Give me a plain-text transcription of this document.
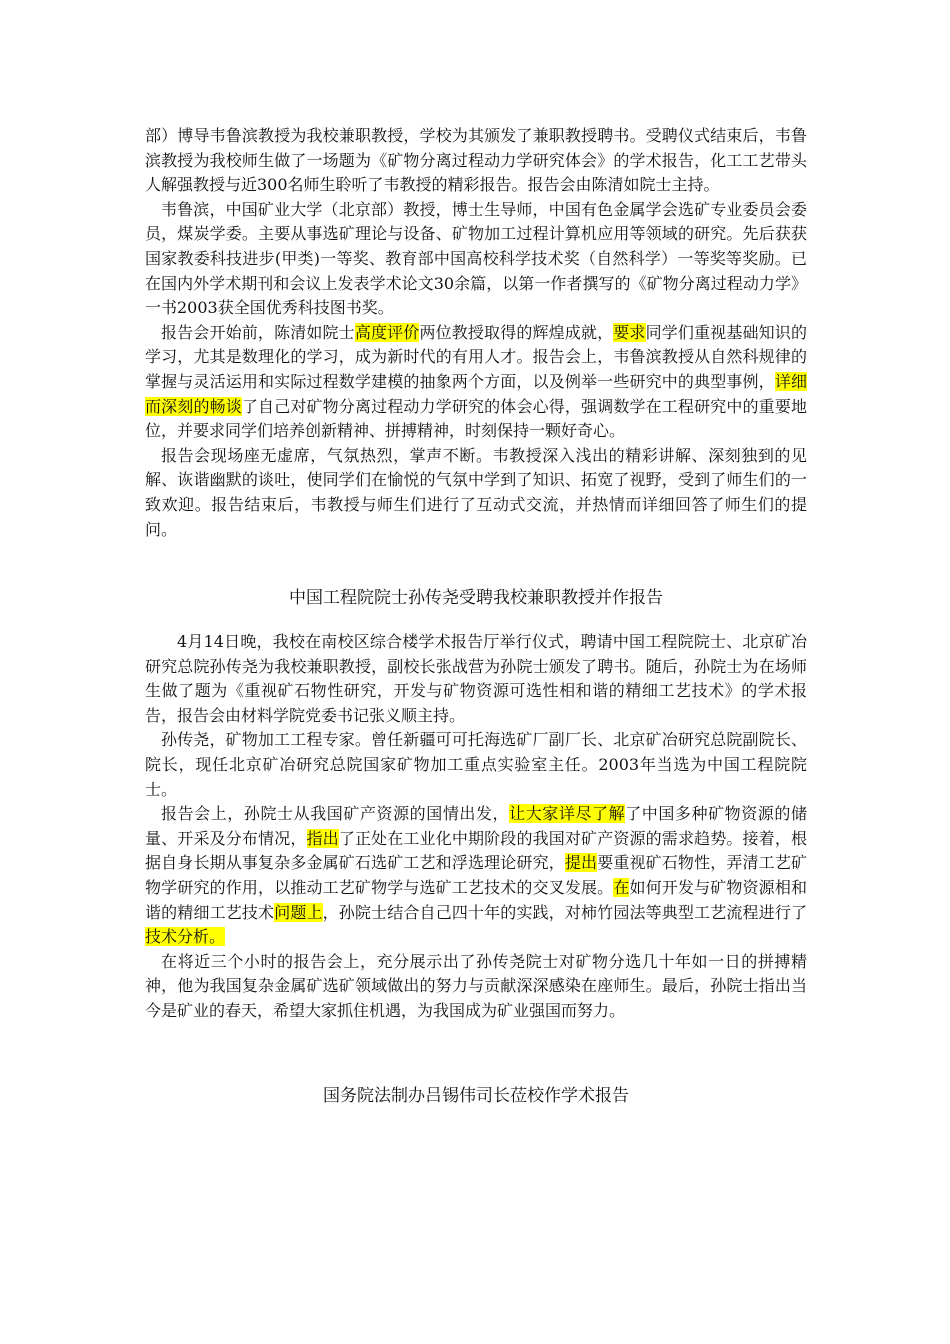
部）博导韦鲁滨教授为我校兼职教授，学校为其颁发了兼职教授聘书。受聘仪式结束后，韦鲁滨教授为我校师生做了一场题为《矿物分离过程动力学研究体会》的学术报告，化工工艺带头人解强教授与近300名师生聆听了韦教授的精彩报告。报告会由陈清如院士主持。

韦鲁滨，中国矿业大学（北京部）教授，博士生导师，中国有色金属学会选矿专业委员会委员，煤炭学委。主要从事选矿理论与设备、矿物加工过程计算机应用等领域的研究。先后获获国家教委科技进步(甲类)一等奖、教育部中国高校科学技术奖（自然科学）一等奖等奖励。已在国内外学术期刊和会议上发表学术论文30余篇，以第一作者撰写的《矿物分离过程动力学》一书2003获全国优秀科技图书奖。

报告会开始前，陈清如院士高度评价两位教授取得的辉煌成就，要求同学们重视基础知识的学习，尤其是数理化的学习，成为新时代的有用人才。报告会上，韦鲁滨教授从自然科规律的掌握与灵活运用和实际过程数学建模的抽象两个方面，以及例举一些研究中的典型事例，详细而深刻的畅谈了自己对矿物分离过程动力学研究的体会心得，强调数学在工程研究中的重要地位，并要求同学们培养创新精神、拼搏精神，时刻保持一颗好奇心。

报告会现场座无虚席，气氛热烈，掌声不断。韦教授深入浅出的精彩讲解、深刻独到的见解、诙谐幽默的谈吐，使同学们在愉悦的气氛中学到了知识、拓宽了视野，受到了师生们的一致欢迎。报告结束后，韦教授与师生们进行了互动式交流，并热情而详细回答了师生们的提问。

中国工程院院士孙传尧受聘我校兼职教授并作报告

4月14日晚，我校在南校区综合楼学术报告厅举行仪式，聘请中国工程院院士、北京矿冶研究总院孙传尧为我校兼职教授，副校长张战营为孙院士颁发了聘书。随后，孙院士为在场师生做了题为《重视矿石物性研究，开发与矿物资源可选性相和谐的精细工艺技术》的学术报告，报告会由材料学院党委书记张义顺主持。

孙传尧，矿物加工工程专家。曾任新疆可可托海选矿厂副厂长、北京矿冶研究总院副院长、院长，现任北京矿冶研究总院国家矿物加工重点实验室主任。2003年当选为中国工程院院士。

报告会上，孙院士从我国矿产资源的国情出发，让大家详尽了解了中国多种矿物资源的储量、开采及分布情况，指出了正处在工业化中期阶段的我国对矿产资源的需求趋势。接着，根据自身长期从事复杂多金属矿石选矿工艺和浮选理论研究，提出要重视矿石物性，弄清工艺矿物学研究的作用，以推动工艺矿物学与选矿工艺技术的交叉发展。在如何开发与矿物资源相和谐的精细工艺技术问题上，孙院士结合自己四十年的实践，对柿竹园法等典型工艺流程进行了技术分析。

在将近三个小时的报告会上，充分展示出了孙传尧院士对矿物分选几十年如一日的拼搏精神，他为我国复杂金属矿选矿领域做出的努力与贡献深深感染在座师生。最后，孙院士指出当今是矿业的春天，希望大家抓住机遇，为我国成为矿业强国而努力。

国务院法制办吕锡伟司长莅校作学术报告
